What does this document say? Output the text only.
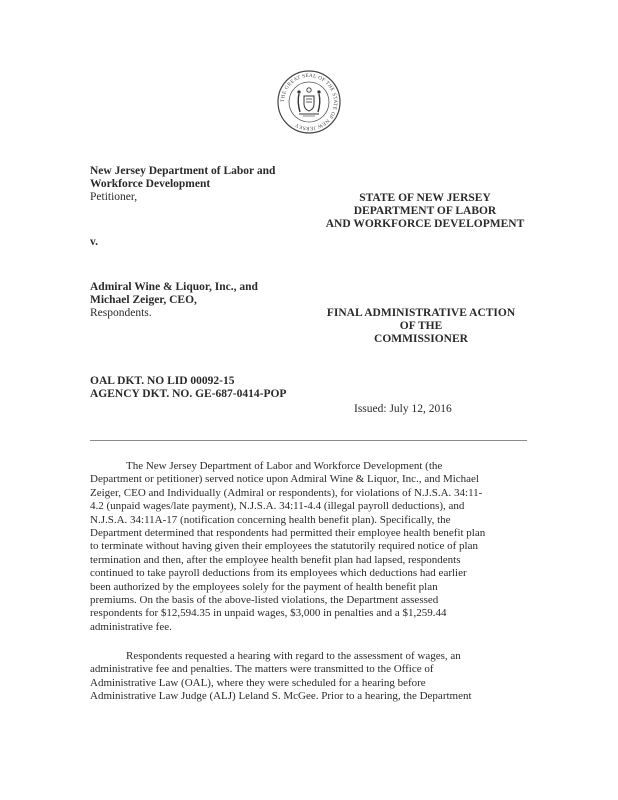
THE GREAT SEAL OF THE STATE OF NEW JERSEY
New Jersey Department of Labor and
Workforce Development
Petitioner,
v.
Admiral Wine & Liquor, Inc., and
Michael Zeiger, CEO,
Respondents.
OAL DKT. NO LID 00092-15
AGENCY DKT. NO. GE-687-0414-POP
STATE OF NEW JERSEY
DEPARTMENT OF LABOR
AND WORKFORCE DEVELOPMENT
FINAL ADMINISTRATIVE ACTION
OF THE
COMMISSIONER
Issued: July 12, 2016
The New Jersey Department of Labor and Workforce Development (the
Department or petitioner) served notice upon Admiral Wine & Liquor, Inc., and Michael
Zeiger, CEO and Individually (Admiral or respondents), for violations of N.J.S.A. 34:11-
4.2 (unpaid wages/late payment), N.J.S.A. 34:11-4.4 (illegal payroll deductions), and
N.J.S.A. 34:11A-17 (notification concerning health benefit plan). Specifically, the
Department determined that respondents had permitted their employee health benefit plan
to terminate without having given their employees the statutorily required notice of plan
termination and then, after the employee health benefit plan had lapsed, respondents
continued to take payroll deductions from its employees which deductions had earlier
been authorized by the employees solely for the payment of health benefit plan
premiums. On the basis of the above-listed violations, the Department assessed
respondents for $12,594.35 in unpaid wages, $3,000 in penalties and a $1,259.44
administrative fee.
Respondents requested a hearing with regard to the assessment of wages, an
administrative fee and penalties. The matters were transmitted to the Office of
Administrative Law (OAL), where they were scheduled for a hearing before
Administrative Law Judge (ALJ) Leland S. McGee. Prior to a hearing, the Department
